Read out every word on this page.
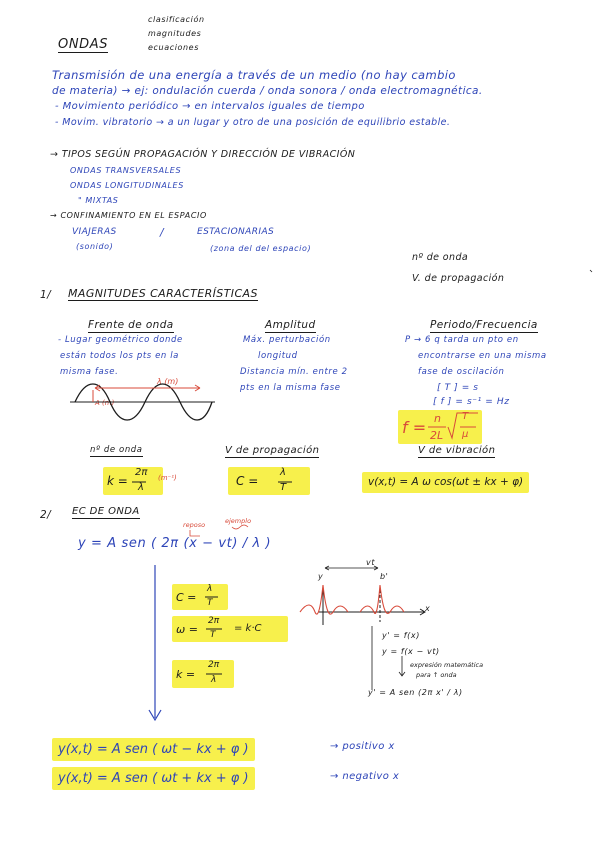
ONDAS
clasificación
magnitudes
ecuaciones
Transmisión de una energía a través de un medio (no hay cambio
de materia) → ej: ondulación cuerda / onda sonora / onda electromagnética.
- Movimiento periódico → en intervalos iguales de tiempo
- Movim. vibratorio → a un lugar y otro de una posición de equilibrio estable.
→ TIPOS SEGÚN PROPAGACIÓN Y DIRECCIÓN DE VIBRACIÓN
ONDAS TRANSVERSALES
ONDAS LONGITUDINALES
" MIXTAS
→ CONFINAMIENTO EN EL ESPACIO
VIAJERAS	/	ESTACIONARIAS
(sonido)	(zona del del espacio)
nº de onda
V. de propagación
1/ MAGNITUDES CARACTERÍSTICAS
Frente de onda
- Lugar geométrico donde
están todos los pts en la
misma fase.
Amplitud
Máx. perturbación
longitud
Distancia mín. entre 2
pts en la misma fase
Periodo/Frecuencia
P → 6 q tarda un pto en
encontrarse en una misma
fase de oscilación
[ T ] = s
[ f ] = s⁻¹ = Hz
f = n
2L
T
μ
λ (m)
A (m)
nº de onda
k =
2π
λ
(m⁻¹)
V de propagación
C =
λ
T
V de vibración
v(x,t) = A ω cos(ωt ± kx + φ)
2/ EC DE ONDA
reposo	ejemplo
y = A sen ( 2π (x − vt) / λ )
C =
λ
T
ω =
2π
T
= k·C
k =
2π
λ
vt
y	b'
x
y' = f(x)
y = f(x − vt)
expresión matemática
para ↑ onda
y' = A sen (2π x' / λ)
y(x,t) = A sen ( ωt − kx + φ )	→ positivo x
y(x,t) = A sen ( ωt + kx + φ )	→ negativo x
